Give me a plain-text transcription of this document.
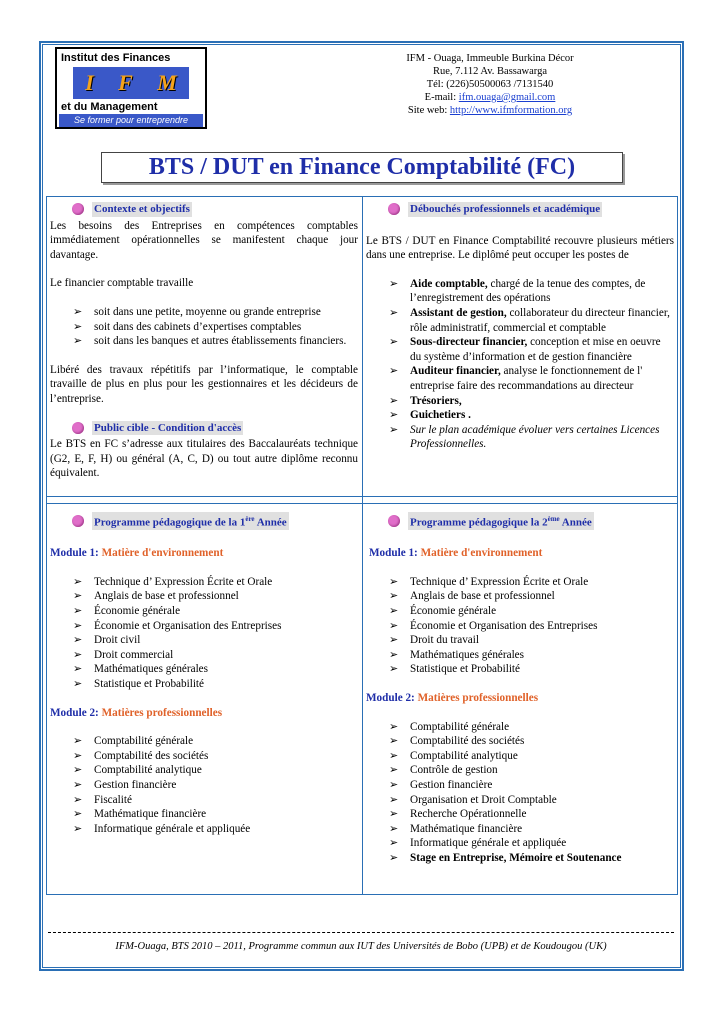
Institut des Finances
I F M
et du Management
Se former pour entreprendre
IFM - Ouaga, Immeuble Burkina Décor
Rue, 7.112 Av. Bassawarga
Tél: (226)50500063 /7131540
E-mail: ifm.ouaga@gmail.com
Site web: http://www.ifmformation.org
BTS / DUT en Finance Comptabilité (FC)
Contexte et objectifs
Les besoins des Entreprises en compétences comptables immédiatement opérationnelles se manifestent chaque jour davantage.
Le financier comptable travaille
➢ soit dans une petite, moyenne ou grande entreprise
➢ soit dans des cabinets d’expertises comptables
➢ soit dans les banques et autres établissements financiers.
Libéré des travaux répétitifs par l’informatique, le comptable travaille de plus en plus pour les gestionnaires et les décideurs de l’entreprise.
Public cible - Condition d'accès
Le BTS en FC s’adresse aux titulaires des Baccalauréats technique (G2, E, F, H) ou général (A, C, D) ou tout autre diplôme reconnu équivalent.
Débouchés professionnels et académique
Le BTS / DUT en Finance Comptabilité recouvre plusieurs métiers dans une entreprise. Le diplômé peut occuper les postes de
➢ Aide comptable, chargé de la tenue des comptes, de l’enregistrement des opérations
➢ Assistant de gestion, collaborateur du directeur financier, rôle administratif, commercial et comptable
➢ Sous-directeur financier, conception et mise en oeuvre du système d’information et de gestion financière
➢ Auditeur financier, analyse le fonctionnement de l' entreprise faire des recommandations au directeur
➢ Trésoriers,
➢ Guichetiers .
➢ Sur le plan académique évoluer vers certaines Licences Professionnelles.
Programme pédagogique de la 1ère Année
Module 1: Matière d'environnement
➢ Technique d’ Expression Écrite et Orale
➢ Anglais de base et professionnel
➢ Économie générale
➢ Économie et Organisation des Entreprises
➢ Droit civil
➢ Droit commercial
➢ Mathématiques générales
➢ Statistique et Probabilité
Module 2: Matières professionnelles
➢ Comptabilité générale
➢ Comptabilité des sociétés
➢ Comptabilité analytique
➢ Gestion financière
➢ Fiscalité
➢ Mathématique financière
➢ Informatique générale et appliquée
Programme pédagogique la 2ème Année
Module 1: Matière d'environnement
➢ Technique d’ Expression Écrite et Orale
➢ Anglais de base et professionnel
➢ Économie générale
➢ Économie et Organisation des Entreprises
➢ Droit du travail
➢ Mathématiques générales
➢ Statistique et Probabilité
Module 2: Matières professionnelles
➢ Comptabilité générale
➢ Comptabilité des sociétés
➢ Comptabilité analytique
➢ Contrôle de gestion
➢ Gestion financière
➢ Organisation et Droit Comptable
➢ Recherche Opérationnelle
➢ Mathématique financière
➢ Informatique générale et appliquée
➢ Stage en Entreprise, Mémoire et Soutenance
IFM-Ouaga, BTS 2010 – 2011, Programme commun aux IUT des Universités de Bobo (UPB) et de Koudougou (UK)
